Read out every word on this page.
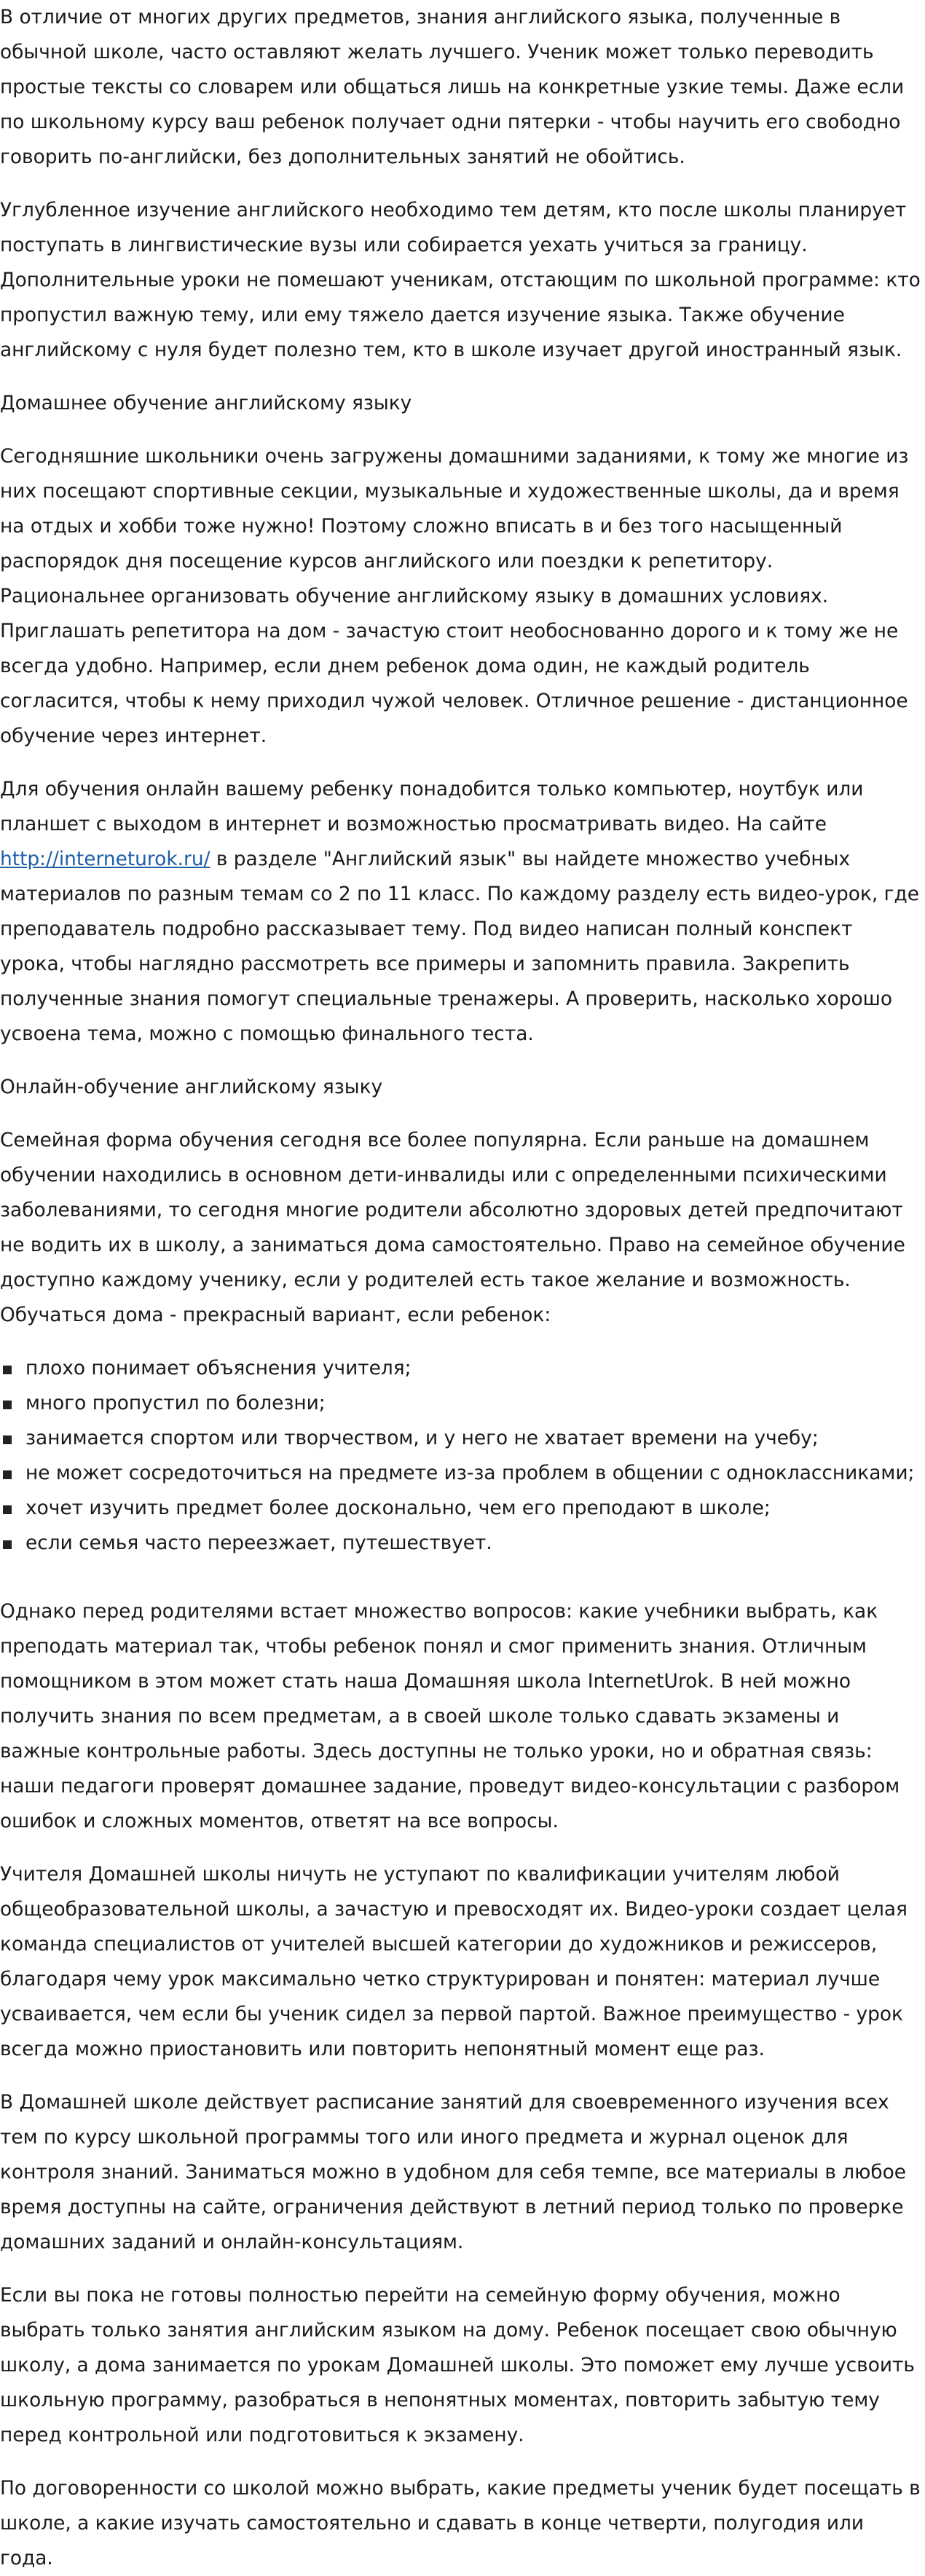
В отличие от многих других предметов, знания английского языка, полученные в обычной школе, часто оставляют желать лучшего. Ученик может только переводить простые тексты со словарем или общаться лишь на конкретные узкие темы. Даже если по школьному курсу ваш ребенок получает одни пятерки - чтобы научить его свободно говорить по-английски, без дополнительных занятий не обойтись.

Углубленное изучение английского необходимо тем детям, кто после школы планирует поступать в лингвистические вузы или собирается уехать учиться за границу. Дополнительные уроки не помешают ученикам, отстающим по школьной программе: кто пропустил важную тему, или ему тяжело дается изучение языка. Также обучение английскому с нуля будет полезно тем, кто в школе изучает другой иностранный язык.

Домашнее обучение английскому языку

Сегодняшние школьники очень загружены домашними заданиями, к тому же многие из них посещают спортивные секции, музыкальные и художественные школы, да и время на отдых и хобби тоже нужно! Поэтому сложно вписать в и без того насыщенный распорядок дня посещение курсов английского или поездки к репетитору. Рациональнее организовать обучение английскому языку в домашних условиях. Приглашать репетитора на дом - зачастую стоит необоснованно дорого и к тому же не всегда удобно. Например, если днем ребенок дома один, не каждый родитель согласится, чтобы к нему приходил чужой человек. Отличное решение - дистанционное обучение через интернет.

Для обучения онлайн вашему ребенку понадобится только компьютер, ноутбук или планшет с выходом в интернет и возможностью просматривать видео. На сайте http://interneturok.ru/ в разделе "Английский язык" вы найдете множество учебных материалов по разным темам со 2 по 11 класс. По каждому разделу есть видео-урок, где преподаватель подробно рассказывает тему. Под видео написан полный конспект урока, чтобы наглядно рассмотреть все примеры и запомнить правила. Закрепить полученные знания помогут специальные тренажеры. А проверить, насколько хорошо усвоена тема, можно с помощью финального теста.

Онлайн-обучение английскому языку

Семейная форма обучения сегодня все более популярна. Если раньше на домашнем обучении находились в основном дети-инвалиды или с определенными психическими заболеваниями, то сегодня многие родители абсолютно здоровых детей предпочитают не водить их в школу, а заниматься дома самостоятельно. Право на семейное обучение доступно каждому ученику, если у родителей есть такое желание и возможность. Обучаться дома - прекрасный вариант, если ребенок:

плохо понимает объяснения учителя;
много пропустил по болезни;
занимается спортом или творчеством, и у него не хватает времени на учебу;
не может сосредоточиться на предмете из-за проблем в общении с одноклассниками;
хочет изучить предмет более досконально, чем его преподают в школе;
если семья часто переезжает, путешествует.

Однако перед родителями встает множество вопросов: какие учебники выбрать, как преподать материал так, чтобы ребенок понял и смог применить знания. Отличным помощником в этом может стать наша Домашняя школа InternetUrok. В ней можно получить знания по всем предметам, а в своей школе только сдавать экзамены и важные контрольные работы. Здесь доступны не только уроки, но и обратная связь: наши педагоги проверят домашнее задание, проведут видео-консультации с разбором ошибок и сложных моментов, ответят на все вопросы.

Учителя Домашней школы ничуть не уступают по квалификации учителям любой общеобразовательной школы, а зачастую и превосходят их. Видео-уроки создает целая команда специалистов от учителей высшей категории до художников и режиссеров, благодаря чему урок максимально четко структурирован и понятен: материал лучше усваивается, чем если бы ученик сидел за первой партой. Важное преимущество - урок всегда можно приостановить или повторить непонятный момент еще раз.

В Домашней школе действует расписание занятий для своевременного изучения всех тем по курсу школьной программы того или иного предмета и журнал оценок для контроля знаний. Заниматься можно в удобном для себя темпе, все материалы в любое время доступны на сайте, ограничения действуют в летний период только по проверке домашних заданий и онлайн-консультациям.

Если вы пока не готовы полностью перейти на семейную форму обучения, можно выбрать только занятия английским языком на дому. Ребенок посещает свою обычную школу, а дома занимается по урокам Домашней школы. Это поможет ему лучше усвоить школьную программу, разобраться в непонятных моментах, повторить забытую тему перед контрольной или подготовиться к экзамену.

По договоренности со школой можно выбрать, какие предметы ученик будет посещать в школе, а какие изучать самостоятельно и сдавать в конце четверти, полугодия или года.
